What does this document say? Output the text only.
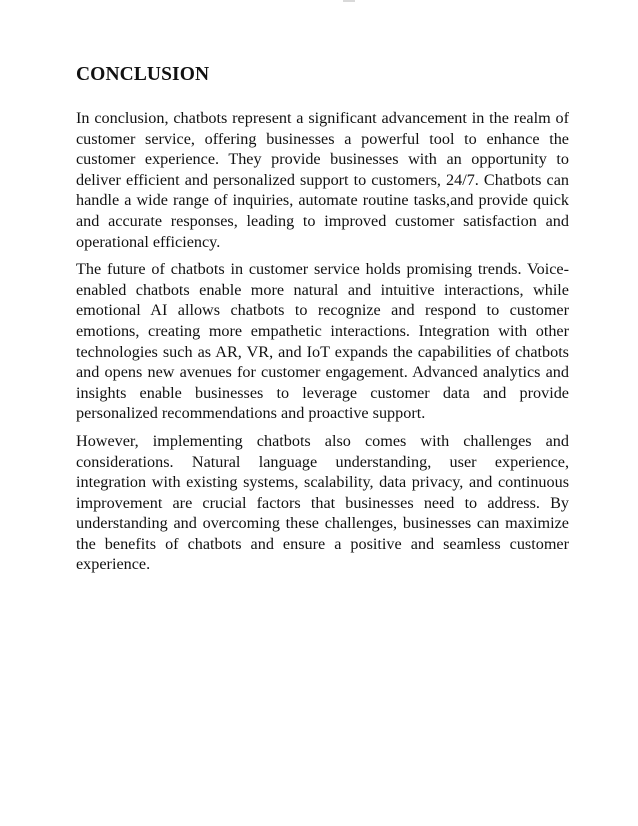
CONCLUSION

In conclusion, chatbots represent a significant advancement in the realm of customer service, offering businesses a powerful tool to enhance the customer experience. They provide businesses with an opportunity to deliver efficient and personalized support to customers, 24/7. Chatbots can handle a wide range of inquiries, automate routine tasks,and provide quick and accurate responses, leading to improved customer satisfaction and operational efficiency.

The future of chatbots in customer service holds promising trends. Voice-enabled chatbots enable more natural and intuitive interactions, while emotional AI allows chatbots to recognize and respond to customer emotions, creating more empathetic interactions. Integration with other technologies such as AR, VR, and IoT expands the capabilities of chatbots and opens new avenues for customer engagement. Advanced analytics and insights enable businesses to leverage customer data and provide personalized recommendations and proactive support.

However, implementing chatbots also comes with challenges and considerations. Natural language understanding, user experience, integration with existing systems, scalability, data privacy, and continuous improvement are crucial factors that businesses need to address. By understanding and overcoming these challenges, businesses can maximize the benefits of chatbots and ensure a positive and seamless customer experience.
